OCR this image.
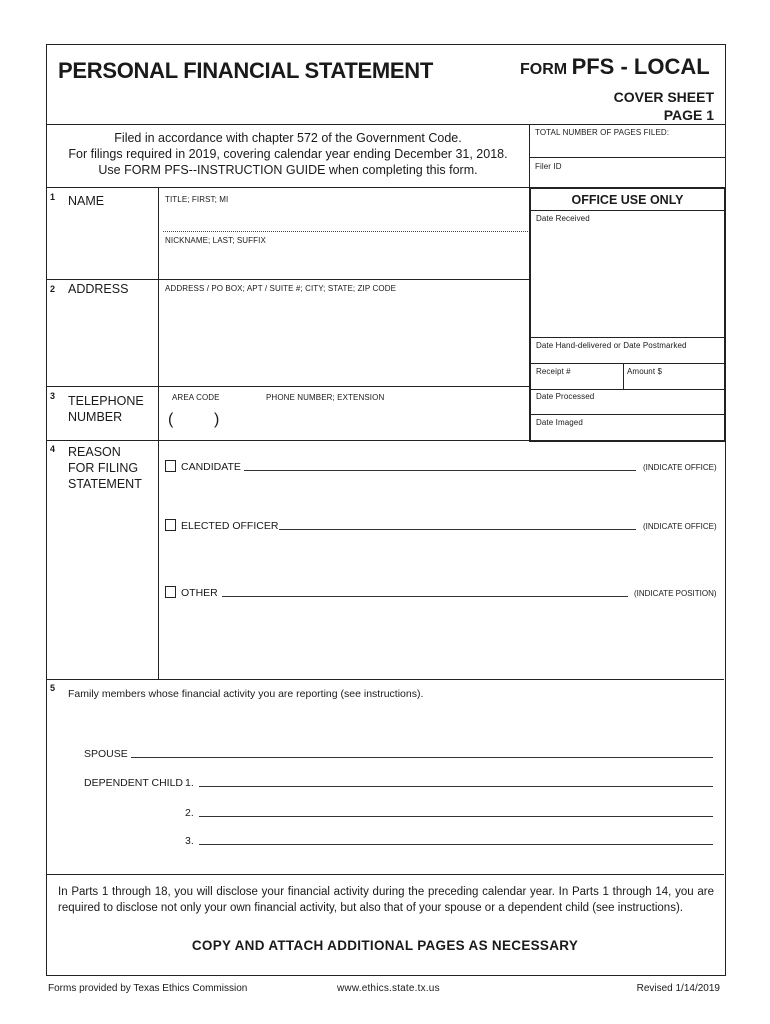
PERSONAL FINANCIAL STATEMENT	FORM PFS - LOCAL
COVER SHEET
PAGE 1
Filed in accordance with chapter 572 of the Government Code.
For filings required in 2019, covering calendar year ending December 31, 2018.
Use FORM PFS--INSTRUCTION GUIDE when completing this form.
TOTAL NUMBER OF PAGES FILED:
Filer ID
OFFICE USE ONLY
Date Received
Date Hand-delivered or Date Postmarked
Receipt #	Amount $
Date Processed
Date Imaged
1 NAME	TITLE; FIRST; MI
NICKNAME; LAST; SUFFIX
2 ADDRESS	ADDRESS / PO BOX; APT / SUITE #; CITY; STATE; ZIP CODE
3 TELEPHONE
NUMBER
AREA CODE	PHONE NUMBER; EXTENSION
(	)
4 REASON
FOR FILING
STATEMENT
CANDIDATE	(INDICATE OFFICE)
ELECTED OFFICER	(INDICATE OFFICE)
OTHER	(INDICATE POSITION)
5 Family members whose financial activity you are reporting (see instructions).
SPOUSE
DEPENDENT CHILD 1.
2.
3.
In Parts 1 through 18, you will disclose your financial activity during the preceding calendar year. In Parts 1 through 14, you are required to disclose not only your own financial activity, but also that of your spouse or a dependent child (see instructions).
COPY AND ATTACH ADDITIONAL PAGES AS NECESSARY
Forms provided by Texas Ethics Commission	www.ethics.state.tx.us	Revised 1/14/2019
